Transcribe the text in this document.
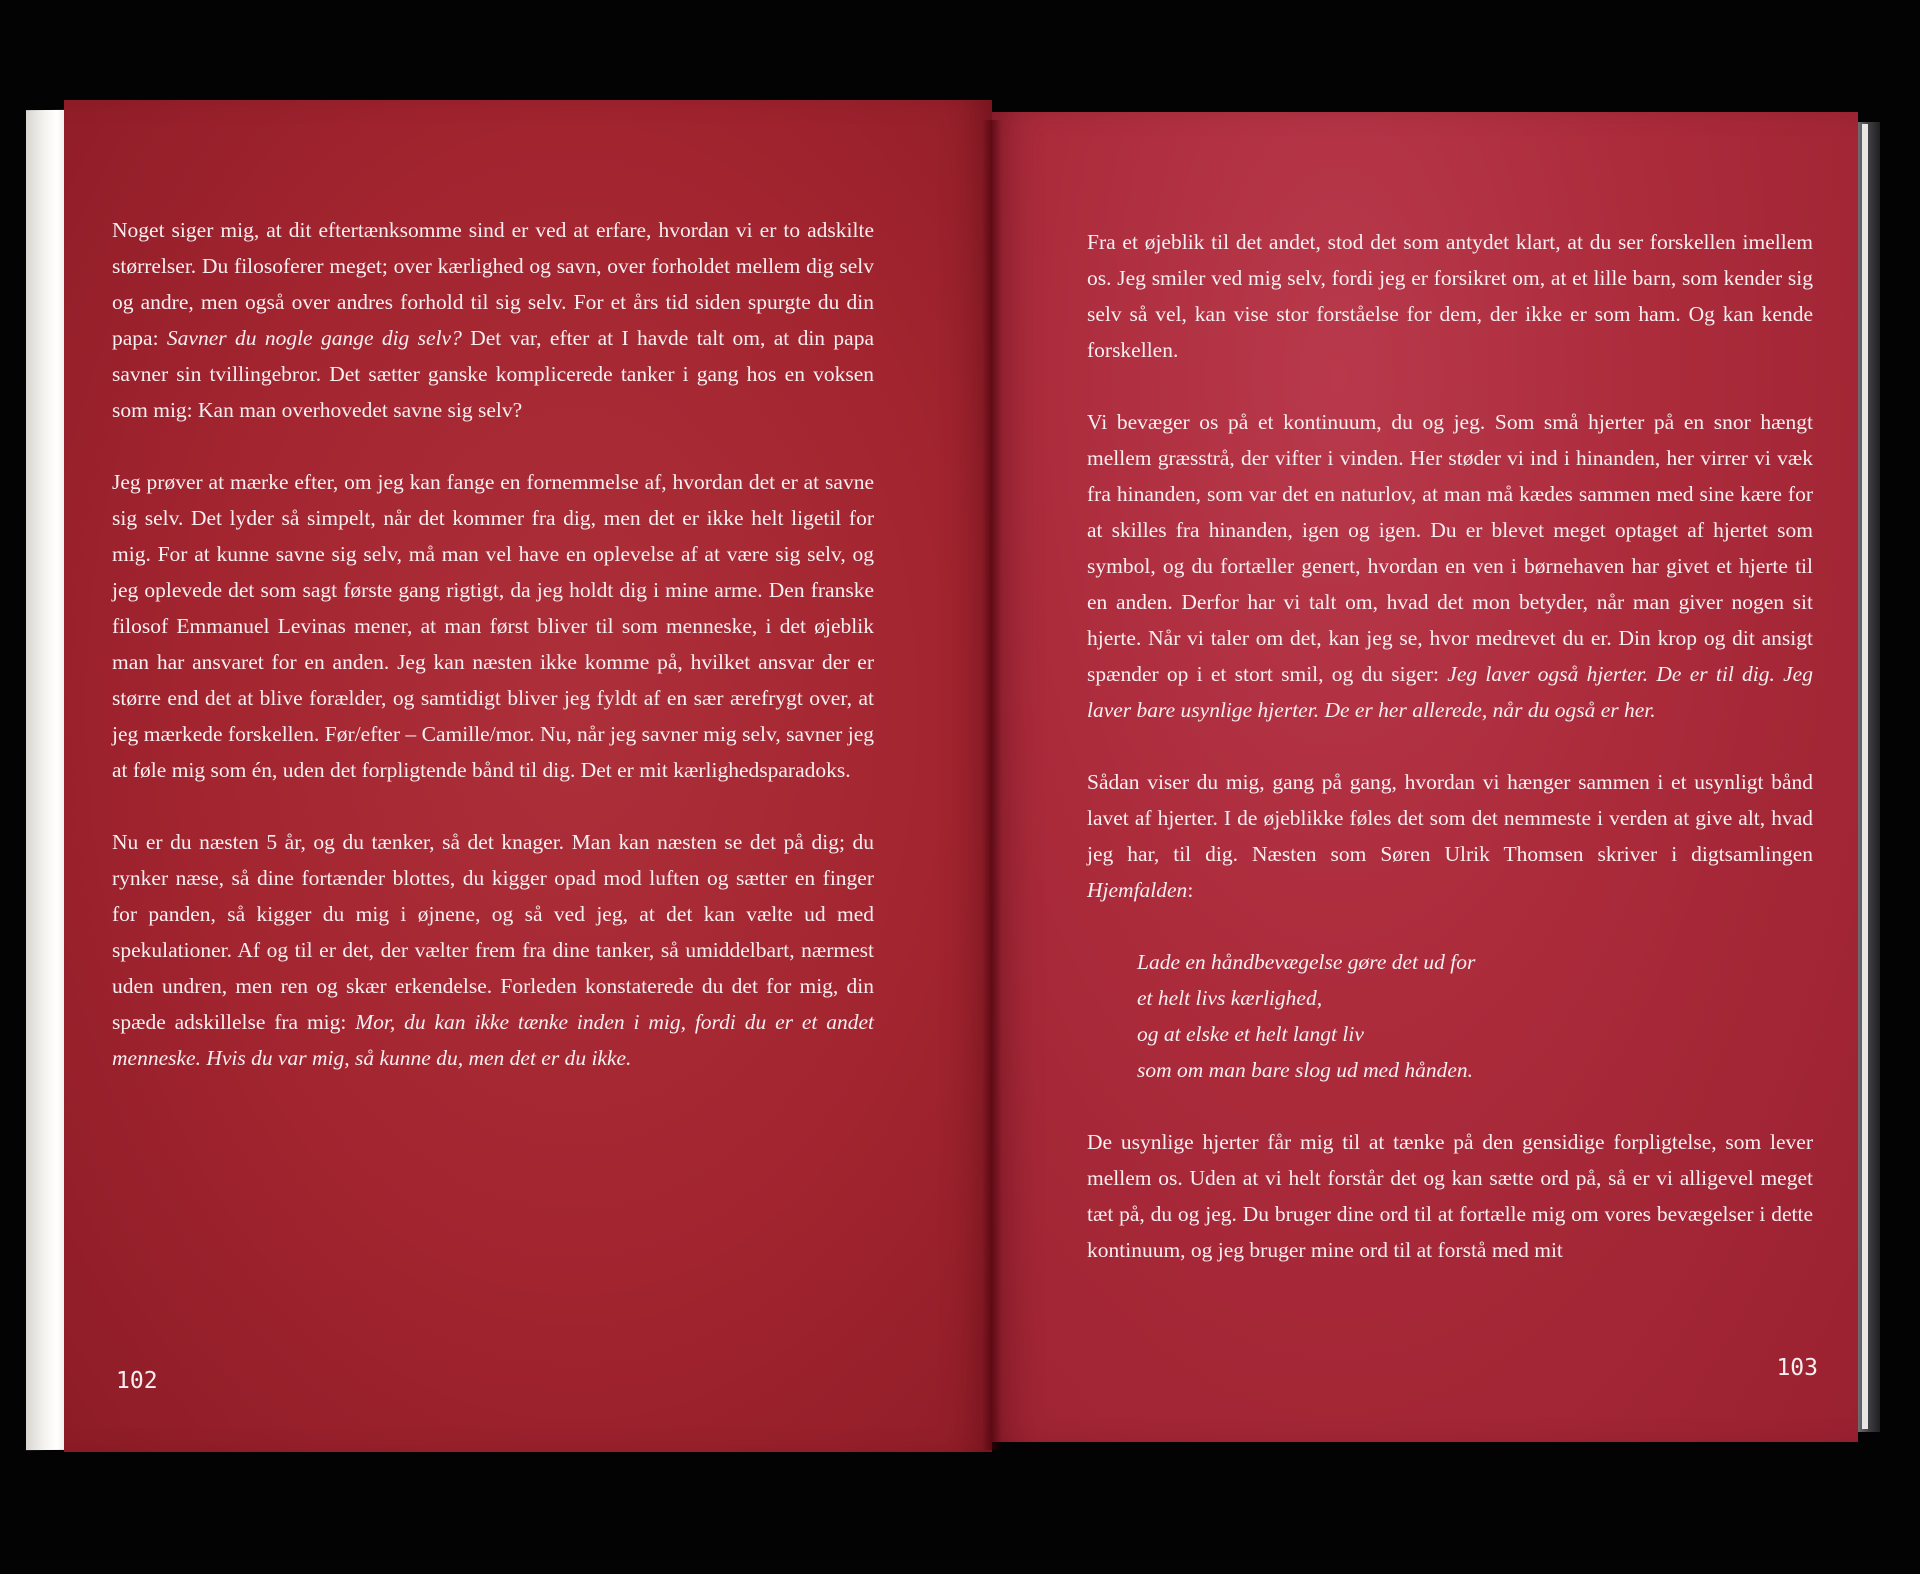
Noget siger mig, at dit eftertænksomme sind er ved at erfare, hvordan vi er to adskilte størrelser. Du filosoferer meget; over kærlighed og savn, over forholdet mellem dig selv og andre, men også over andres forhold til sig selv. For et års tid siden spurgte du din papa: Savner du nogle gange dig selv? Det var, efter at I havde talt om, at din papa savner sin tvillingebror. Det sætter ganske komplicerede tanker i gang hos en voksen som mig: Kan man overhovedet savne sig selv?

Jeg prøver at mærke efter, om jeg kan fange en fornemmelse af, hvordan det er at savne sig selv. Det lyder så simpelt, når det kommer fra dig, men det er ikke helt ligetil for mig. For at kunne savne sig selv, må man vel have en oplevelse af at være sig selv, og jeg oplevede det som sagt første gang rigtigt, da jeg holdt dig i mine arme. Den franske filosof Emmanuel Levinas mener, at man først bliver til som menneske, i det øjeblik man har ansvaret for en anden. Jeg kan næsten ikke komme på, hvilket ansvar der er større end det at blive forælder, og samtidigt bliver jeg fyldt af en sær ærefrygt over, at jeg mærkede forskellen. Før/efter – Camille/mor. Nu, når jeg savner mig selv, savner jeg at føle mig som én, uden det forpligtende bånd til dig. Det er mit kærlighedsparadoks.

Nu er du næsten 5 år, og du tænker, så det knager. Man kan næsten se det på dig; du rynker næse, så dine fortænder blottes, du kigger opad mod luften og sætter en finger for panden, så kigger du mig i øjnene, og så ved jeg, at det kan vælte ud med spekulationer. Af og til er det, der vælter frem fra dine tanker, så umiddelbart, nærmest uden undren, men ren og skær erkendelse. Forleden konstaterede du det for mig, din spæde adskillelse fra mig: Mor, du kan ikke tænke inden i mig, fordi du er et andet menneske. Hvis du var mig, så kunne du, men det er du ikke.

102

Fra et øjeblik til det andet, stod det som antydet klart, at du ser forskellen imellem os. Jeg smiler ved mig selv, fordi jeg er forsikret om, at et lille barn, som kender sig selv så vel, kan vise stor forståelse for dem, der ikke er som ham. Og kan kende forskellen.

Vi bevæger os på et kontinuum, du og jeg. Som små hjerter på en snor hængt mellem græsstrå, der vifter i vinden. Her støder vi ind i hinanden, her virrer vi væk fra hinanden, som var det en naturlov, at man må kædes sammen med sine kære for at skilles fra hinanden, igen og igen. Du er blevet meget optaget af hjertet som symbol, og du fortæller genert, hvordan en ven i børnehaven har givet et hjerte til en anden. Derfor har vi talt om, hvad det mon betyder, når man giver nogen sit hjerte. Når vi taler om det, kan jeg se, hvor medrevet du er. Din krop og dit ansigt spænder op i et stort smil, og du siger: Jeg laver også hjerter. De er til dig. Jeg laver bare usynlige hjerter. De er her allerede, når du også er her.

Sådan viser du mig, gang på gang, hvordan vi hænger sammen i et usynligt bånd lavet af hjerter. I de øjeblikke føles det som det nemmeste i verden at give alt, hvad jeg har, til dig. Næsten som Søren Ulrik Thomsen skriver i digtsamlingen Hjemfalden:

Lade en håndbevægelse gøre det ud for
et helt livs kærlighed,
og at elske et helt langt liv
som om man bare slog ud med hånden.

De usynlige hjerter får mig til at tænke på den gensidige forpligtelse, som lever mellem os. Uden at vi helt forstår det og kan sætte ord på, så er vi alligevel meget tæt på, du og jeg. Du bruger dine ord til at fortælle mig om vores bevægelser i dette kontinuum, og jeg bruger mine ord til at forstå med mit

103
